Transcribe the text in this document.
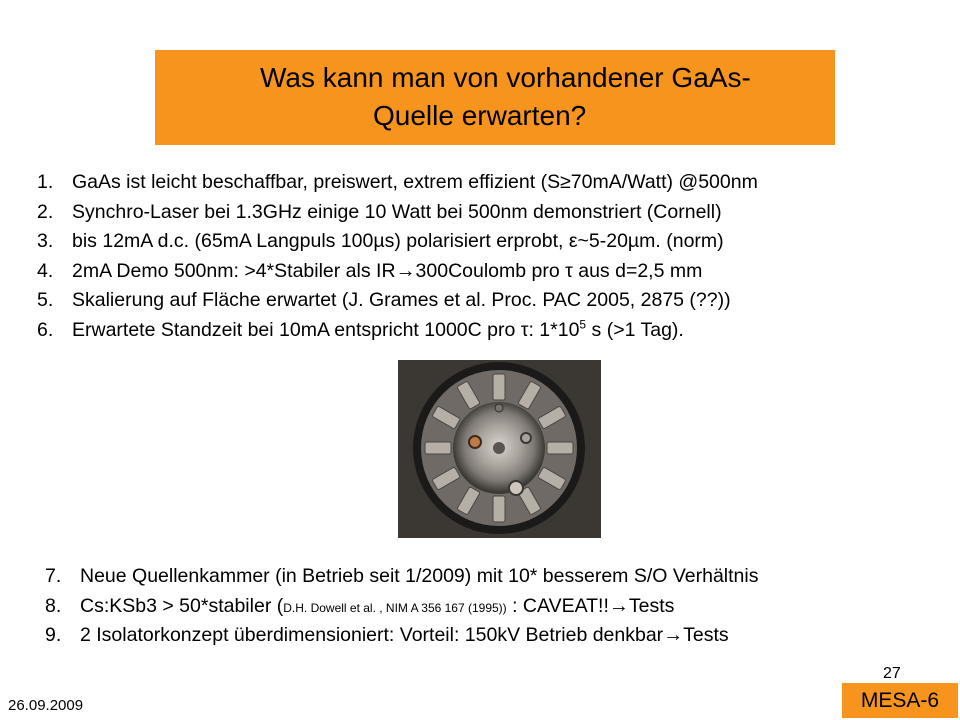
Was kann man von vorhandener GaAs-
Quelle erwarten?
1. GaAs ist leicht beschaffbar, preiswert, extrem effizient (S≥70mA/Watt) @500nm
2. Synchro-Laser bei 1.3GHz einige 10 Watt bei 500nm demonstriert (Cornell)
3. bis 12mA d.c. (65mA Langpuls 100µs) polarisiert erprobt, ε~5-20µm. (norm)
4. 2mA Demo 500nm: >4*Stabiler als IR→300Coulomb pro τ aus d=2,5 mm
5. Skalierung auf Fläche erwartet (J. Grames et al. Proc. PAC 2005, 2875 (??))
6. Erwartete Standzeit bei 10mA entspricht 1000C pro τ: $1*10^5$ s (>1 Tag).
7. Neue Quellenkammer (in Betrieb seit 1/2009) mit 10* besserem S/O Verhältnis
8. Cs:KSb3 > 50*stabiler (D.H. Dowell et al. , NIM A 356 167 (1995)) : CAVEAT!!→Tests
9. 2 Isolatorkonzept überdimensioniert: Vorteil: 150kV Betrieb denkbar→Tests
27
26.09.2009	MESA-6
